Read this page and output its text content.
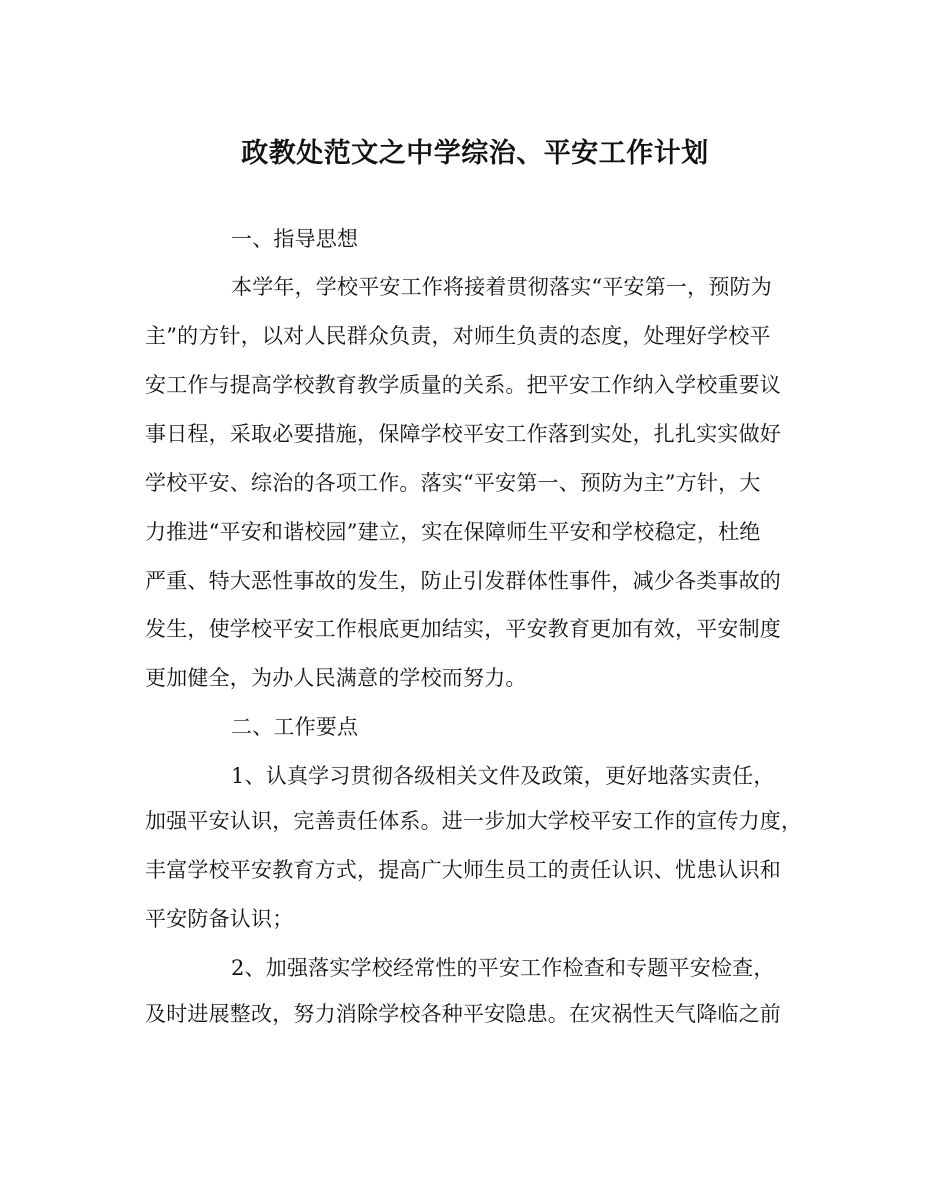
政教处范文之中学综治、平安工作计划
一、指导思想
本学年，学校平安工作将接着贯彻落实“平安第一，预防为
主”的方针，以对人民群众负责，对师生负责的态度，处理好学校平
安工作与提高学校教育教学质量的关系。把平安工作纳入学校重要议
事日程，采取必要措施，保障学校平安工作落到实处，扎扎实实做好
学校平安、综治的各项工作。落实“平安第一、预防为主”方针，大
力推进“平安和谐校园”建立，实在保障师生平安和学校稳定，杜绝
严重、特大恶性事故的发生，防止引发群体性事件，减少各类事故的
发生，使学校平安工作根底更加结实，平安教育更加有效，平安制度
更加健全，为办人民满意的学校而努力。
二、工作要点
1、认真学习贯彻各级相关文件及政策，更好地落实责任，
加强平安认识，完善责任体系。进一步加大学校平安工作的宣传力度，
丰富学校平安教育方式，提高广大师生员工的责任认识、忧患认识和
平安防备认识；
2、加强落实学校经常性的平安工作检查和专题平安检查，
及时进展整改，努力消除学校各种平安隐患。在灾祸性天气降临之前
